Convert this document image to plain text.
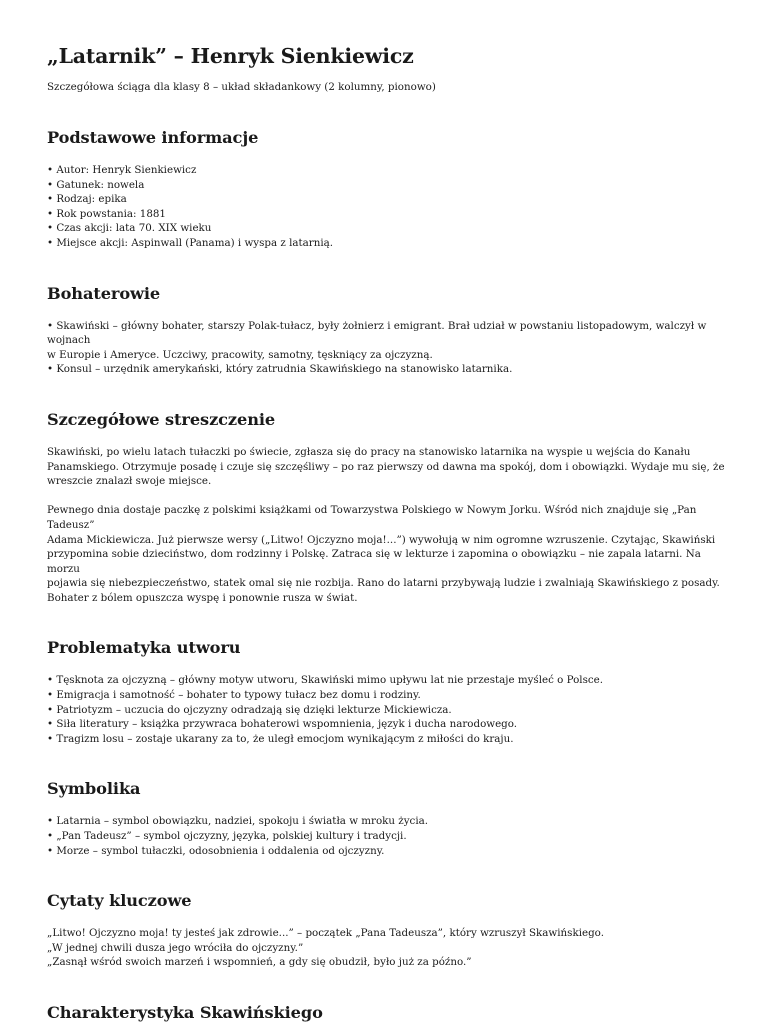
„Latarnik” – Henryk Sienkiewicz

Szczegółowa ściąga dla klasy 8 – układ składankowy (2 kolumny, pionowo)

Podstawowe informacje
• Autor: Henryk Sienkiewicz
• Gatunek: nowela
• Rodzaj: epika
• Rok powstania: 1881
• Czas akcji: lata 70. XIX wieku
• Miejsce akcji: Aspinwall (Panama) i wyspa z latarnią.
Bohaterowie
• Skawiński – główny bohater, starszy Polak-tułacz, były żołnierz i emigrant. Brał udział w powstaniu listopadowym, walczył w wojnach
w Europie i Ameryce. Uczciwy, pracowity, samotny, tęskniący za ojczyzną.
• Konsul – urzędnik amerykański, który zatrudnia Skawińskiego na stanowisko latarnika.
Szczegółowe streszczenie
Skawiński, po wielu latach tułaczki po świecie, zgłasza się do pracy na stanowisko latarnika na wyspie u wejścia do Kanału
Panamskiego. Otrzymuje posadę i czuje się szczęśliwy – po raz pierwszy od dawna ma spokój, dom i obowiązki. Wydaje mu się, że
wreszcie znalazł swoje miejsce.
Pewnego dnia dostaje paczkę z polskimi książkami od Towarzystwa Polskiego w Nowym Jorku. Wśród nich znajduje się „Pan Tadeusz”
Adama Mickiewicza. Już pierwsze wersy („Litwo! Ojczyzno moja!...”) wywołują w nim ogromne wzruszenie. Czytając, Skawiński
przypomina sobie dzieciństwo, dom rodzinny i Polskę. Zatraca się w lekturze i zapomina o obowiązku – nie zapala latarni. Na morzu
pojawia się niebezpieczeństwo, statek omal się nie rozbija. Rano do latarni przybywają ludzie i zwalniają Skawińskiego z posady.
Bohater z bólem opuszcza wyspę i ponownie rusza w świat.
Problematyka utworu
• Tęsknota za ojczyzną – główny motyw utworu, Skawiński mimo upływu lat nie przestaje myśleć o Polsce.
• Emigracja i samotność – bohater to typowy tułacz bez domu i rodziny.
• Patriotyzm – uczucia do ojczyzny odradzają się dzięki lekturze Mickiewicza.
• Siła literatury – książka przywraca bohaterowi wspomnienia, język i ducha narodowego.
• Tragizm losu – zostaje ukarany za to, że uległ emocjom wynikającym z miłości do kraju.
Symbolika
• Latarnia – symbol obowiązku, nadziei, spokoju i światła w mroku życia.
• „Pan Tadeusz” – symbol ojczyzny, języka, polskiej kultury i tradycji.
• Morze – symbol tułaczki, odosobnienia i oddalenia od ojczyzny.
Cytaty kluczowe
„Litwo! Ojczyzno moja! ty jesteś jak zdrowie...” – początek „Pana Tadeusza”, który wzruszył Skawińskiego.
„W jednej chwili dusza jego wróciła do ojczyzny.”
„Zasnął wśród swoich marzeń i wspomnień, a gdy się obudził, było już za późno.”
Charakterystyka Skawińskiego
